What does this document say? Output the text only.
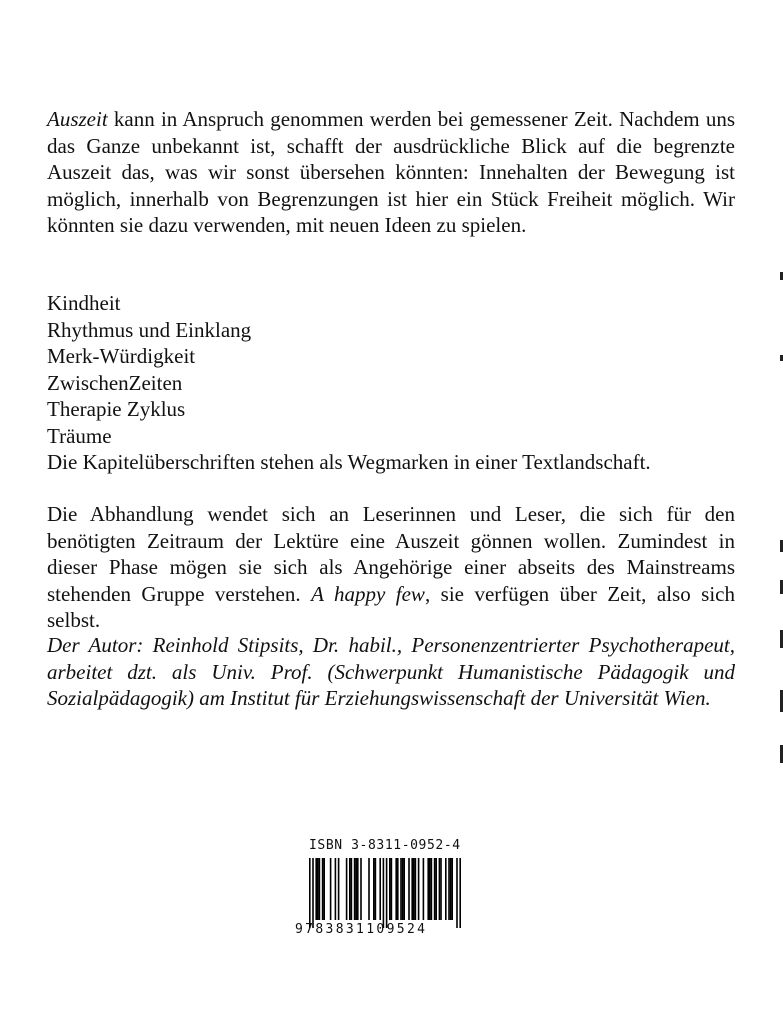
Auszeit kann in Anspruch genommen werden bei gemessener Zeit. Nachdem uns das Ganze unbekannt ist, schafft der ausdrückliche Blick auf die begrenzte Auszeit das, was wir sonst übersehen könnten: Innehalten der Bewegung ist möglich, innerhalb von Begrenzungen ist hier ein Stück Freiheit möglich. Wir könnten sie dazu verwenden, mit neuen Ideen zu spielen.
Kindheit
Rhythmus und Einklang
Merk-Würdigkeit
ZwischenZeiten
Therapie Zyklus
Träume
Die Kapitelüberschriften stehen als Wegmarken in einer Textlandschaft.
Die Abhandlung wendet sich an Leserinnen und Leser, die sich für den benötigten Zeitraum der Lektüre eine Auszeit gönnen wollen. Zumindest in dieser Phase mögen sie sich als Angehörige einer abseits des Mainstreams stehenden Gruppe verstehen. A happy few, sie verfügen über Zeit, also sich selbst.
Der Autor: Reinhold Stipsits, Dr. habil., Personenzentrierter Psychotherapeut, arbeitet dzt. als Univ. Prof. (Schwerpunkt Humanistische Pädagogik und Sozialpädagogik) am Institut für Erziehungswissenschaft der Universität Wien.
ISBN 3-8311-0952-4
9783831109524
